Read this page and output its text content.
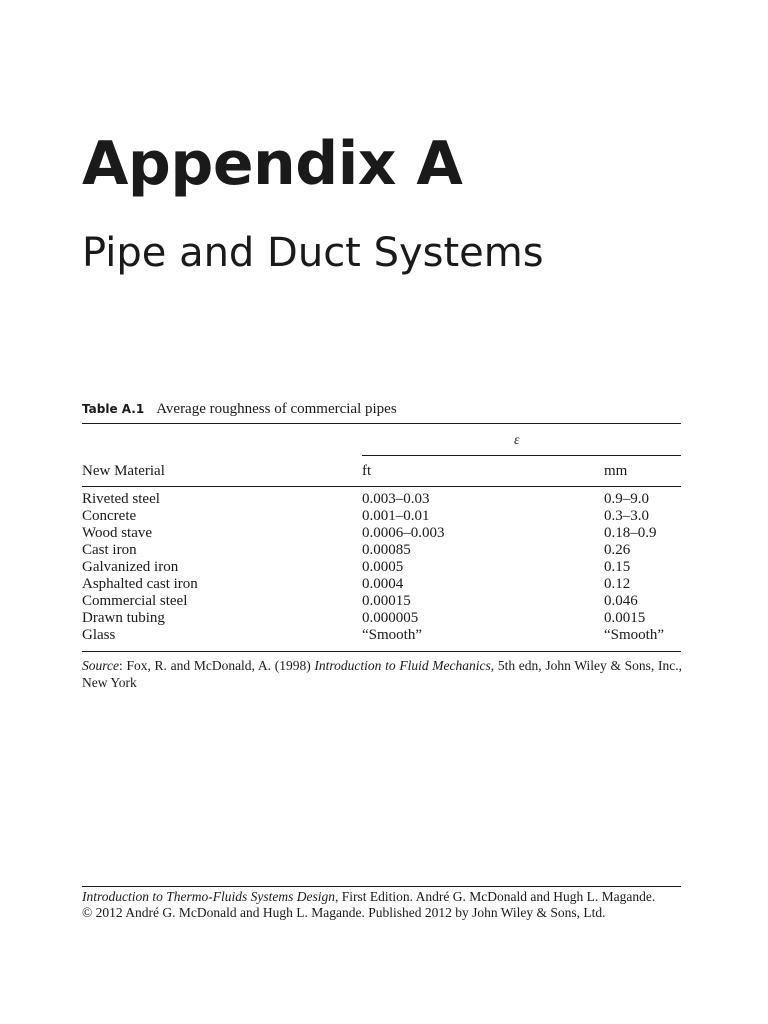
Appendix A
Pipe and Duct Systems
Table A.1 Average roughness of commercial pipes
ε
New Material	ft	mm
Riveted steel	0.003–0.03	0.9–9.0
Concrete	0.001–0.01	0.3–3.0
Wood stave	0.0006–0.003	0.18–0.9
Cast iron	0.00085	0.26
Galvanized iron	0.0005	0.15
Asphalted cast iron	0.0004	0.12
Commercial steel	0.00015	0.046
Drawn tubing	0.000005	0.0015
Glass	“Smooth”	“Smooth”
Source: Fox, R. and McDonald, A. (1998) Introduction to Fluid Mechanics, 5th edn, John Wiley & Sons, Inc., New York
Introduction to Thermo-Fluids Systems Design, First Edition. André G. McDonald and Hugh L. Magande.
© 2012 André G. McDonald and Hugh L. Magande. Published 2012 by John Wiley & Sons, Ltd.
